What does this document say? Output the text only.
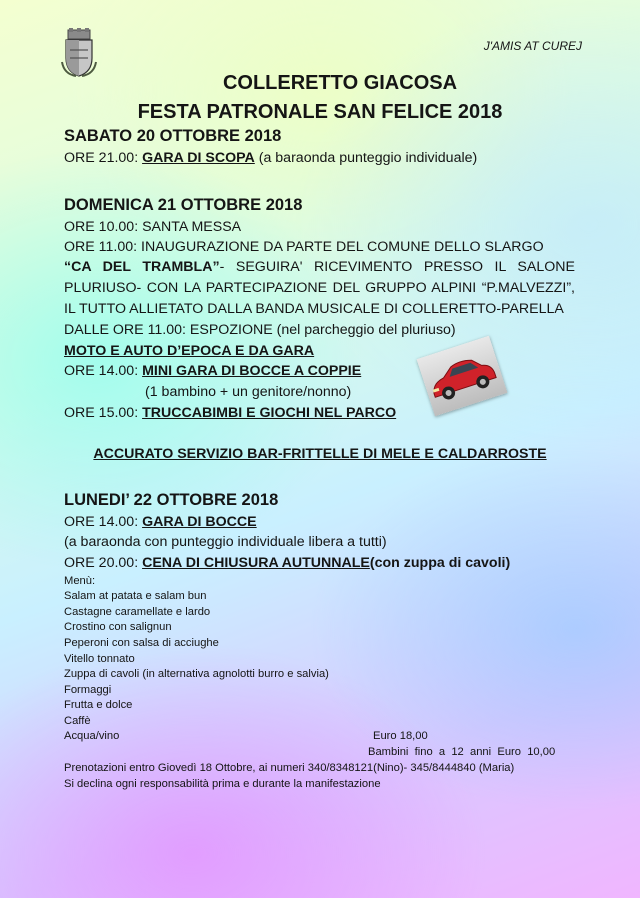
J'AMIS AT CUREJ
COLLERETTO GIACOSA
FESTA PATRONALE SAN FELICE 2018
SABATO 20 OTTOBRE 2018
ORE 21.00: GARA DI SCOPA (a baraonda punteggio individuale)
DOMENICA 21 OTTOBRE 2018
ORE 10.00: SANTA MESSA
ORE 11.00: INAUGURAZIONE DA PARTE DEL COMUNE DELLO SLARGO
“CA DEL TRAMBLA”- SEGUIRA' RICEVIMENTO PRESSO IL SALONE
PLURIUSO- CON LA PARTECIPAZIONE DEL GRUPPO ALPINI “P.MALVEZZI”,
IL TUTTO ALLIETATO DALLA BANDA MUSICALE DI COLLERETTO-PARELLA
DALLE ORE 11.00: ESPOZIONE (nel parcheggio del pluriuso)
MOTO E AUTO D’EPOCA E DA GARA
ORE 14.00: MINI GARA DI BOCCE A COPPIE
(1 bambino + un genitore/nonno)
ORE 15.00: TRUCCABIMBI E GIOCHI NEL PARCO
ACCURATO SERVIZIO BAR-FRITTELLE DI MELE E CALDARROSTE
LUNEDI’ 22 OTTOBRE 2018
ORE 14.00: GARA DI BOCCE
(a baraonda con punteggio individuale libera a tutti)
ORE 20.00: CENA DI CHIUSURA AUTUNNALE(con zuppa di cavoli)
Menù:
Salam at patata e salam bun
Castagne caramellate e lardo
Crostino con salignun
Peperoni con salsa di acciughe
Vitello tonnato
Zuppa di cavoli (in alternativa agnolotti burro e salvia)
Formaggi
Frutta e dolce
Caffè
Acqua/vino	Euro 18,00
Bambini  fino  a  12  anni  Euro  10,00
Prenotazioni entro Giovedì 18 Ottobre, ai numeri 340/8348121(Nino)- 345/8444840 (Maria)
Si declina ogni responsabilità prima e durante la manifestazione
